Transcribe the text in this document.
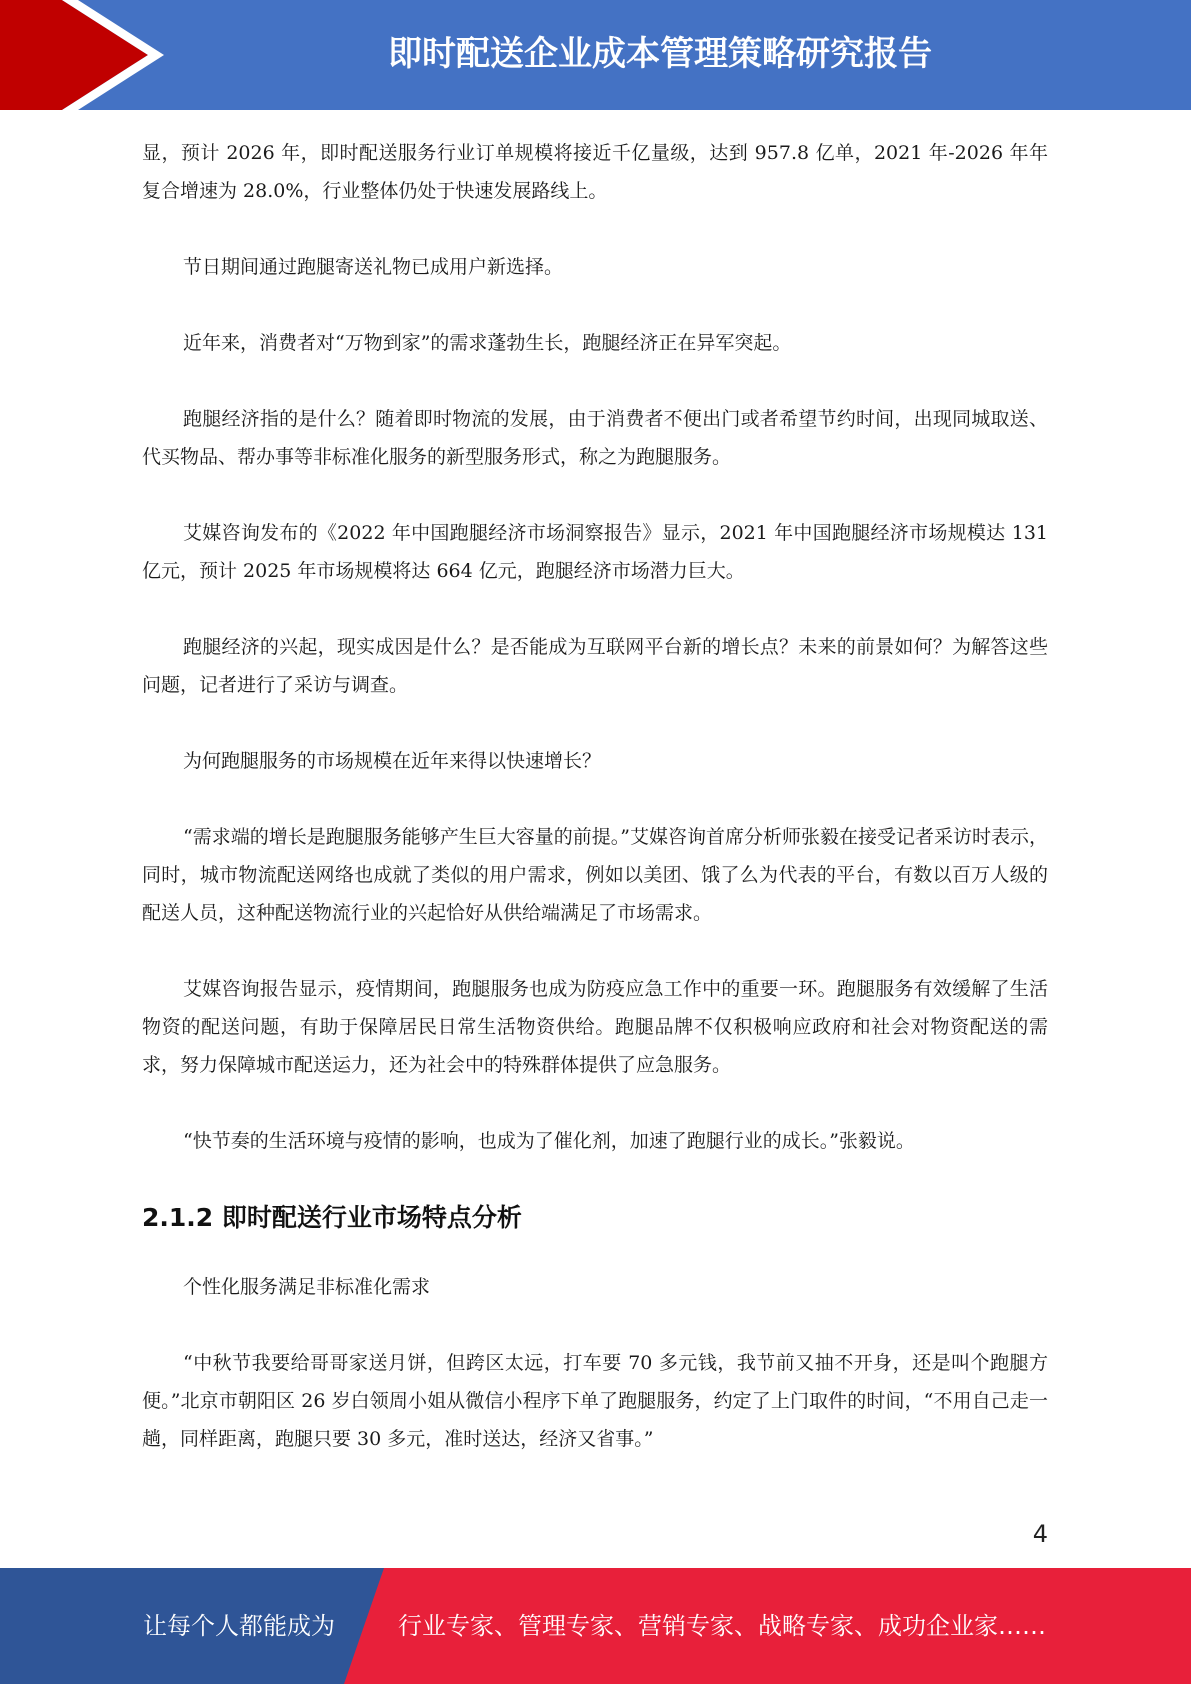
即时配送企业成本管理策略研究报告

显，预计 2026 年，即时配送服务行业订单规模将接近千亿量级，达到 957.8 亿单，2021 年-2026 年年复合增速为 28.0%，行业整体仍处于快速发展路线上。

节日期间通过跑腿寄送礼物已成用户新选择。

近年来，消费者对“万物到家”的需求蓬勃生长，跑腿经济正在异军突起。

跑腿经济指的是什么？随着即时物流的发展，由于消费者不便出门或者希望节约时间，出现同城取送、代买物品、帮办事等非标准化服务的新型服务形式，称之为跑腿服务。

艾媒咨询发布的《2022 年中国跑腿经济市场洞察报告》显示，2021 年中国跑腿经济市场规模达 131 亿元，预计 2025 年市场规模将达 664 亿元，跑腿经济市场潜力巨大。

跑腿经济的兴起，现实成因是什么？是否能成为互联网平台新的增长点？未来的前景如何？为解答这些问题，记者进行了采访与调查。

为何跑腿服务的市场规模在近年来得以快速增长？

“需求端的增长是跑腿服务能够产生巨大容量的前提。”艾媒咨询首席分析师张毅在接受记者采访时表示，同时，城市物流配送网络也成就了类似的用户需求，例如以美团、饿了么为代表的平台，有数以百万人级的配送人员，这种配送物流行业的兴起恰好从供给端满足了市场需求。

艾媒咨询报告显示，疫情期间，跑腿服务也成为防疫应急工作中的重要一环。跑腿服务有效缓解了生活物资的配送问题，有助于保障居民日常生活物资供给。跑腿品牌不仅积极响应政府和社会对物资配送的需求，努力保障城市配送运力，还为社会中的特殊群体提供了应急服务。

“快节奏的生活环境与疫情的影响，也成为了催化剂，加速了跑腿行业的成长。”张毅说。

2.1.2 即时配送行业市场特点分析

个性化服务满足非标准化需求

“中秋节我要给哥哥家送月饼，但跨区太远，打车要 70 多元钱，我节前又抽不开身，还是叫个跑腿方便。”北京市朝阳区 26 岁白领周小姐从微信小程序下单了跑腿服务，约定了上门取件的时间，“不用自己走一趟，同样距离，跑腿只要 30 多元，准时送达，经济又省事。”

4
让每个人都能成为	行业专家、管理专家、营销专家、战略专家、成功企业家……
